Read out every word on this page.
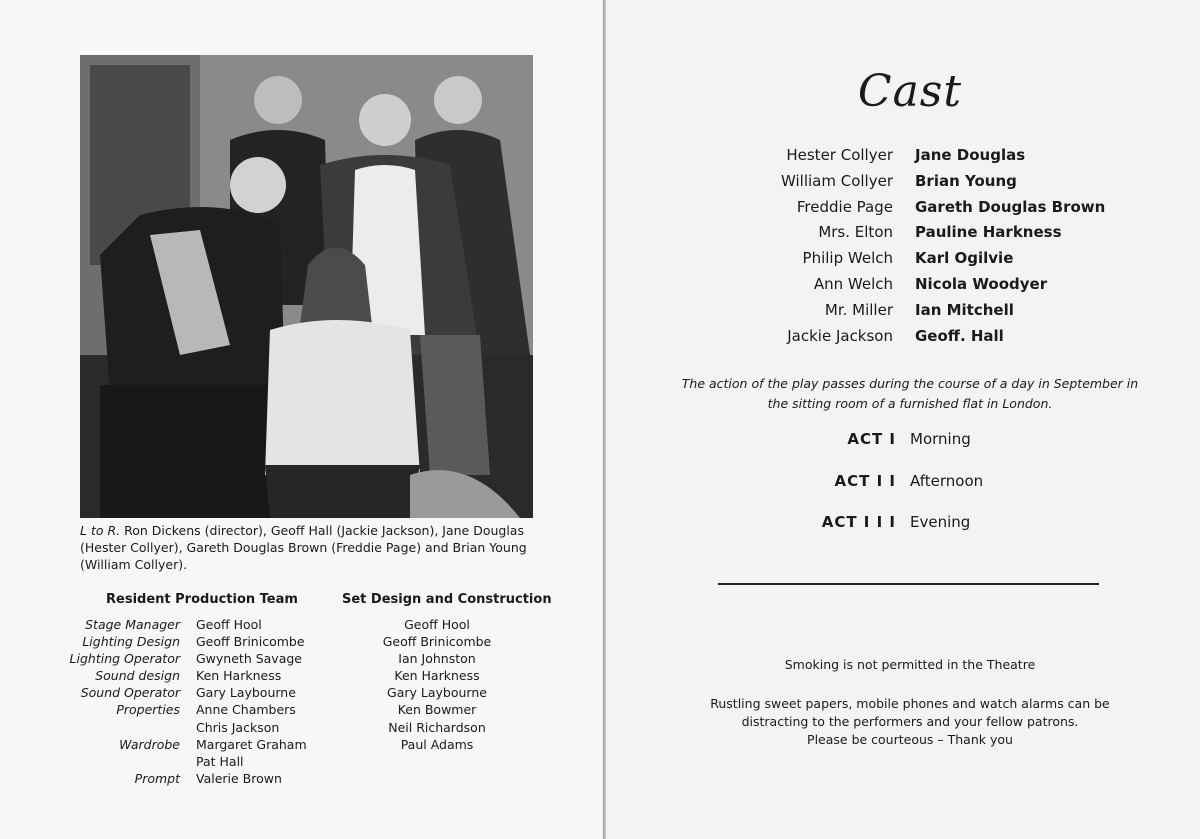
L to R. Ron Dickens (director), Geoff Hall (Jackie Jackson), Jane Douglas (Hester Collyer), Gareth Douglas Brown (Freddie Page) and Brian Young (William Collyer).
Resident Production Team	Set Design and Construction
Stage Manager
Lighting Design
Lighting Operator
Sound design
Sound Operator
Properties
Wardrobe
Prompt
Geoff Hool
Geoff Brinicombe
Gwyneth Savage
Ken Harkness
Gary Laybourne
Anne Chambers
Chris Jackson
Margaret Graham
Pat Hall
Valerie Brown
Geoff Hool
Geoff Brinicombe
Ian Johnston
Ken Harkness
Gary Laybourne
Ken Bowmer
Neil Richardson
Paul Adams
Cast
Hester Collyer
William Collyer
Freddie Page
Mrs. Elton
Philip Welch
Ann Welch
Mr. Miller
Jackie Jackson
Jane Douglas
Brian Young
Gareth Douglas Brown
Pauline Harkness
Karl Ogilvie
Nicola Woodyer
Ian Mitchell
Geoff. Hall
The action of the play passes during the course of a day in September in
the sitting room of a furnished flat in London.
ACT I Morning
ACT I I Afternoon
ACT I I I Evening
Smoking is not permitted in the Theatre
Rustling sweet papers, mobile phones and watch alarms can be
distracting to the performers and your fellow patrons.
Please be courteous – Thank you
